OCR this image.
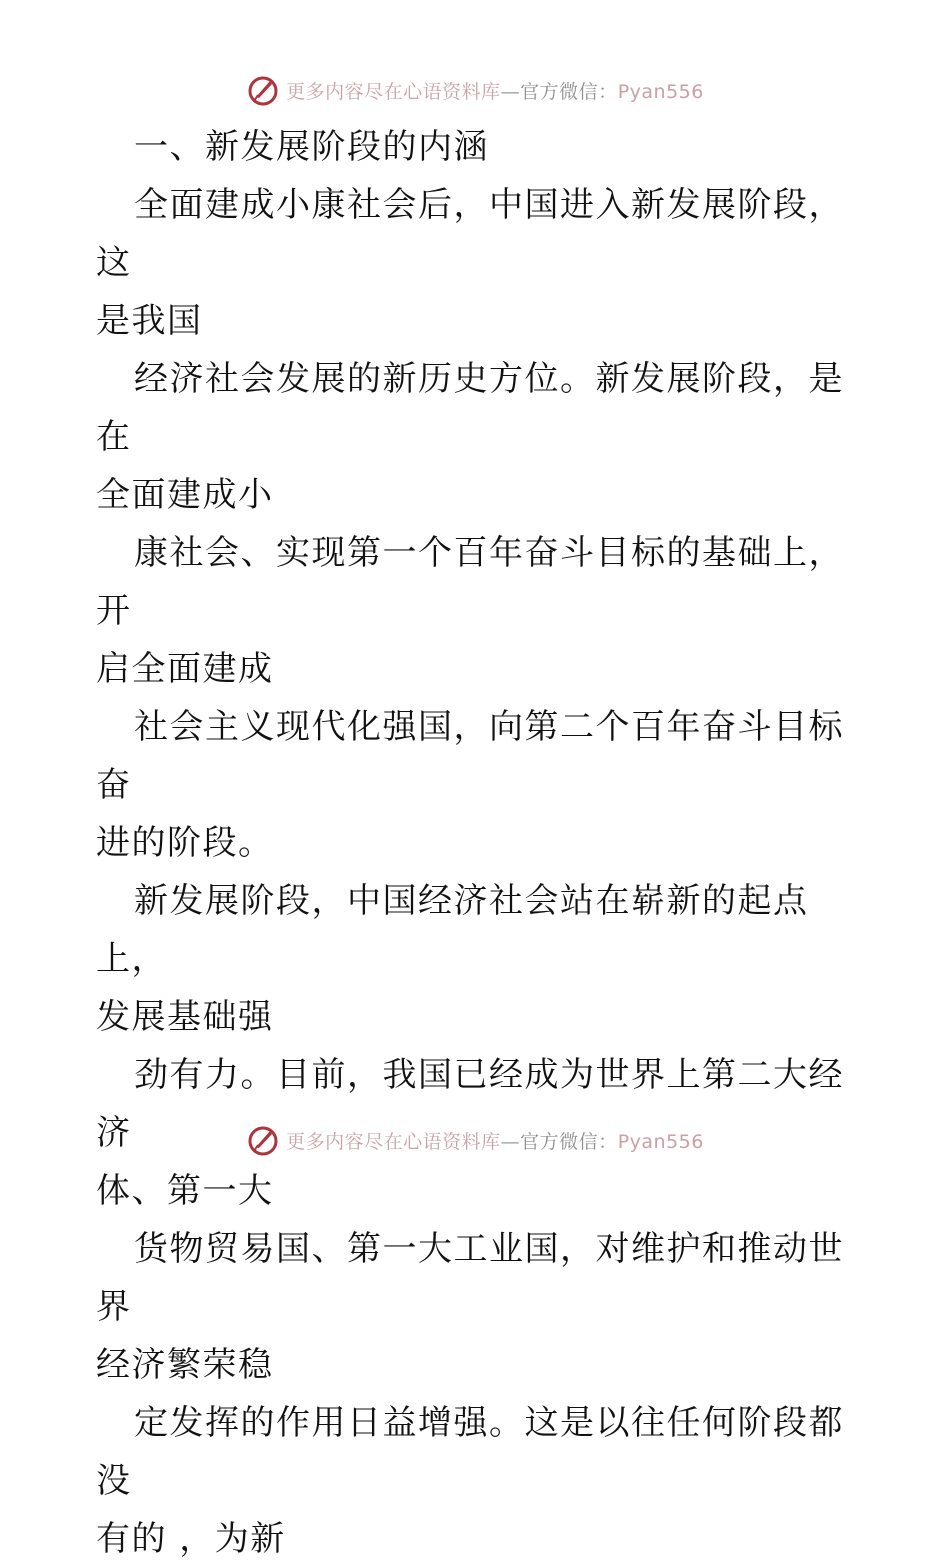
更多内容尽在心语资料库—官方微信：Pyan556

一、新发展阶段的内涵

全面建成小康社会后，中国进入新发展阶段，这
是我国

经济社会发展的新历史方位。新发展阶段，是在
全面建成小

康社会、实现第一个百年奋斗目标的基础上，开
启全面建成

社会主义现代化强国，向第二个百年奋斗目标奋
进的阶段。

新发展阶段，中国经济社会站在崭新的起点上，
发展基础强

劲有力。目前，我国已经成为世界上第二大经济
体、第一大

货物贸易国、第一大工业国，对维护和推动世界
经济繁荣稳

定发挥的作用日益增强。这是以往任何阶段都没
有的 ，为新

更多内容尽在心语资料库—官方微信：Pyan556
